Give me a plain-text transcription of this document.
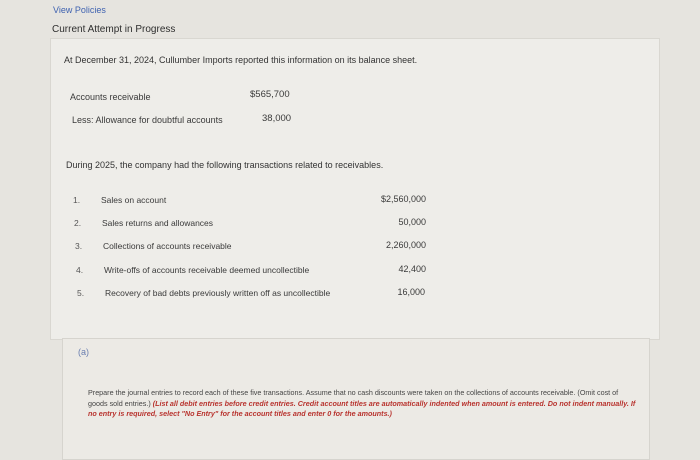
View Policies
Current Attempt in Progress
At December 31, 2024, Cullumber Imports reported this information on its balance sheet.
Accounts receivable	$565,700
Less: Allowance for doubtful accounts	38,000
During 2025, the company had the following transactions related to receivables.
1.	Sales on account	$2,560,000
2.	Sales returns and allowances	50,000
3.	Collections of accounts receivable	2,260,000
4.	Write-offs of accounts receivable deemed uncollectible	42,400
5.	Recovery of bad debts previously written off as uncollectible	16,000
(a)
Prepare the journal entries to record each of these five transactions. Assume that no cash discounts were taken on the collections of accounts receivable. (Omit cost of goods sold entries.) (List all debit entries before credit entries. Credit account titles are automatically indented when amount is entered. Do not indent manually. If no entry is required, select "No Entry" for the account titles and enter 0 for the amounts.)
